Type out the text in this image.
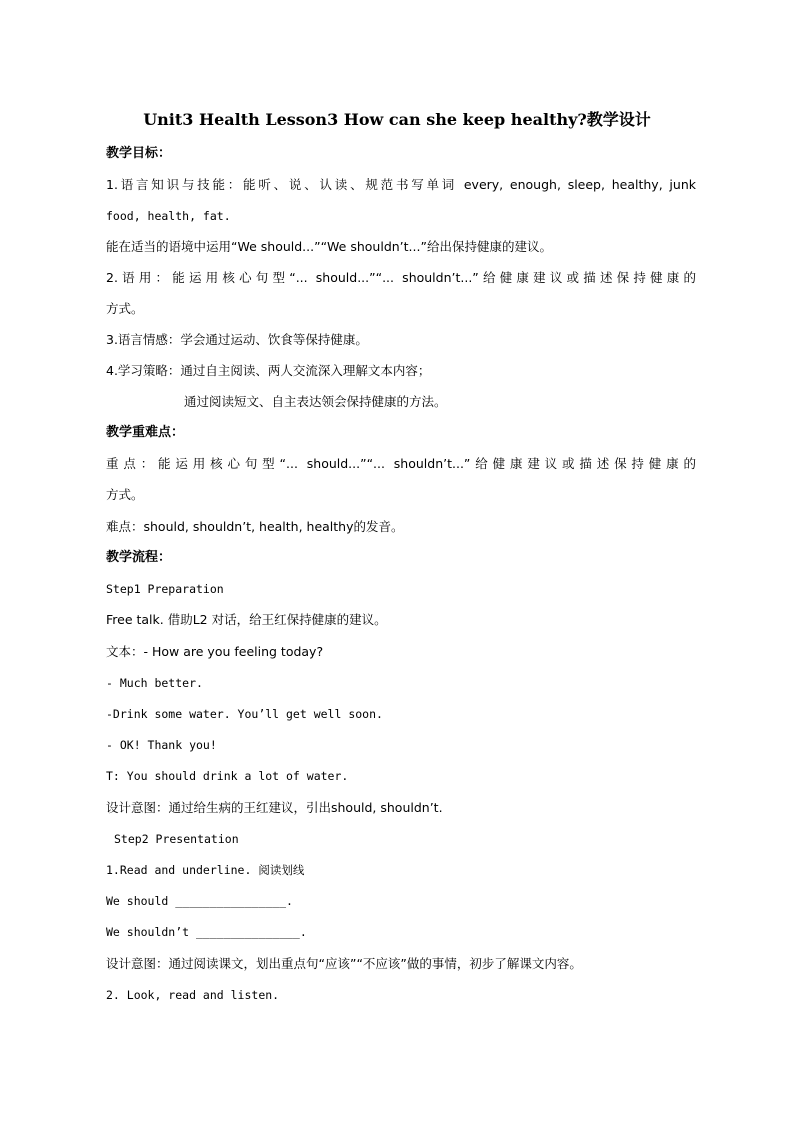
Unit3 Health Lesson3 How can she keep healthy?教学设计
教学目标：
1.语言知识与技能：能听、说、认读、规范书写单词 every, enough, sleep, healthy, junk
food, health, fat.
能在适当的语境中运用“We should...”“We shouldn’t...”给出保持健康的建议。
2.语用：能运用核心句型“... should...”“... shouldn’t...”给健康建议或描述保持健康的
方式。
3.语言情感：学会通过运动、饮食等保持健康。
4.学习策略：通过自主阅读、两人交流深入理解文本内容；
通过阅读短文、自主表达领会保持健康的方法。
教学重难点：
重点：能运用核心句型“... should...”“... shouldn’t...”给健康建议或描述保持健康的
方式。
难点：should, shouldn’t, health, healthy的发音。
教学流程：
Step1 Preparation
Free talk. 借助L2 对话，给王红保持健康的建议。
文本：- How are you feeling today?
- Much better.
-Drink some water. You’ll get well soon.
- OK! Thank you!
T: You should drink a lot of water.
设计意图：通过给生病的王红建议，引出should, shouldn’t.
Step2 Presentation
1.Read and underline. 阅读划线
We should ________________.
We shouldn’t _______________.
设计意图：通过阅读课文，划出重点句“应该”“不应该”做的事情，初步了解课文内容。
2. Look, read and listen.
